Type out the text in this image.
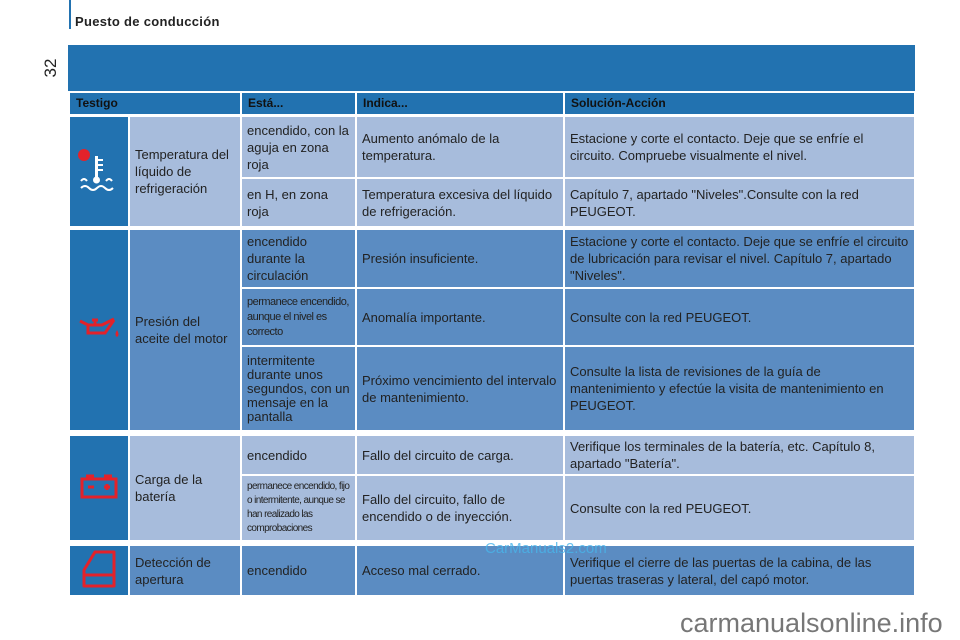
Puesto de conducción
32
Testigo	Está...	Indica...	Solución-Acción
	Temperatura del líquido de refrigeración	encendido, con la aguja en zona roja	Aumento anómalo de la temperatura.	Estacione y corte el contacto. Deje que se enfríe el circuito. Compruebe visualmente el nivel.
		en H, en zona roja	Temperatura excesiva del líquido de refrigeración.	Capítulo 7, apartado "Niveles".Consulte con la red PEUGEOT.
	Presión del aceite del motor	encendido durante la circulación	Presión insuficiente.	Estacione y corte el contacto. Deje que se enfríe el circuito de lubricación para revisar el nivel. Capítulo 7, apartado "Niveles".
		permanece encendido, aunque el nivel es correcto	Anomalía importante.	Consulte con la red PEUGEOT.
		intermitente durante unos segundos, con un mensaje en la pantalla	Próximo vencimiento del intervalo de mantenimiento.	Consulte la lista de revisiones de la guía de mantenimiento y efectúe la visita de mantenimiento en PEUGEOT.
	Carga de la batería	encendido	Fallo del circuito de carga.	Verifique los terminales de la batería, etc. Capítulo 8, apartado "Batería".
		permanece encendido, fijo o intermitente, aunque se han realizado las comprobaciones	Fallo del circuito, fallo de encendido o de inyección.	Consulte con la red PEUGEOT.
	Detección de apertura	encendido	Acceso mal cerrado.	Verifique el cierre de las puertas de la cabina, de las puertas traseras y lateral, del capó motor.
CarManuals2.com
carmanualsonline.info
